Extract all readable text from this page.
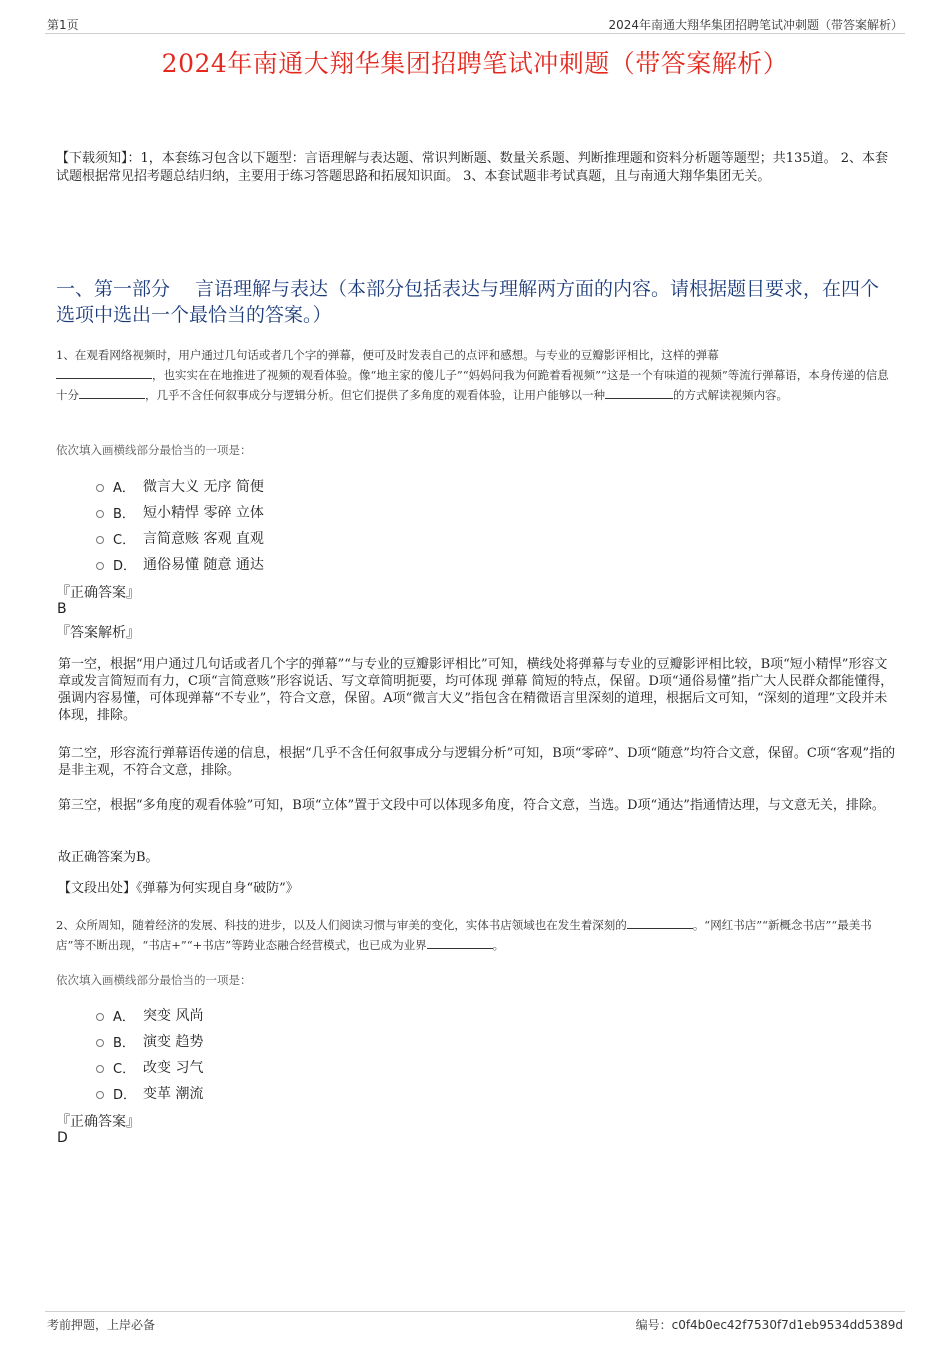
第1页	2024年南通大翔华集团招聘笔试冲刺题（带答案解析）
2024年南通大翔华集团招聘笔试冲刺题（带答案解析）
【下载须知】：1，本套练习包含以下题型：言语理解与表达题、常识判断题、数量关系题、判断推理题和资料分析题等题型；共135道。 2、本套试题根据常见招考题总结归纳，主要用于练习答题思路和拓展知识面。 3、本套试题非考试真题，且与南通大翔华集团无关。
一、第一部分　 言语理解与表达（本部分包括表达与理解两方面的内容。请根据题目要求，在四个选项中选出一个最恰当的答案。）
1、在观看网络视频时，用户通过几句话或者几个字的弹幕，便可及时发表自己的点评和感想。与专业的豆瓣影评相比，这样的弹幕
，也实实在在地推进了视频的观看体验。像“地主家的傻儿子”“妈妈问我为何跪着看视频”“这是一个有味道的视频”等流行弹幕语，本身传递的信息十分	，几乎不含任何叙事成分与逻辑分析。但它们提供了多角度的观看体验，让用户能够以一种	的方式解读视频内容。
依次填入画横线部分最恰当的一项是：
A． 微言大义 无序 简便
B． 短小精悍 零碎 立体
C． 言简意赅 客观 直观
D． 通俗易懂 随意 通达
『正确答案』
B
『答案解析』
第一空，根据“用户通过几句话或者几个字的弹幕”“与专业的豆瓣影评相比”可知，横线处将弹幕与专业的豆瓣影评相比较，B项“短小精悍”形容文章或发言简短而有力，C项“言简意赅”形容说话、写文章简明扼要，均可体现 弹幕 简短的特点，保留。D项“通俗易懂”指广大人民群众都能懂得，强调内容易懂，可体现弹幕“不专业”，符合文意，保留。A项“微言大义”指包含在精微语言里深刻的道理，根据后文可知，“深刻的道理”文段并未体现，排除。
第二空，形容流行弹幕语传递的信息，根据“几乎不含任何叙事成分与逻辑分析”可知，B项“零碎”、D项“随意”均符合文意，保留。C项“客观”指的是非主观，不符合文意，排除。
第三空，根据“多角度的观看体验”可知，B项“立体”置于文段中可以体现多角度，符合文意，当选。D项“通达”指通情达理，与文意无关，排除。
故正确答案为B。
【文段出处】《弹幕为何实现自身“破防”》
2、众所周知，随着经济的发展、科技的进步，以及人们阅读习惯与审美的变化，实体书店领域也在发生着深刻的	。“网红书店”“新概念书店”“最美书店”等不断出现，“书店+”“+书店”等跨业态融合经营模式，也已成为业界	。
依次填入画横线部分最恰当的一项是：
A． 突变 风尚
B． 演变 趋势
C． 改变 习气
D． 变革 潮流
『正确答案』
D
考前押题，上岸必备	编号：c0f4b0ec42f7530f7d1eb9534dd5389d
